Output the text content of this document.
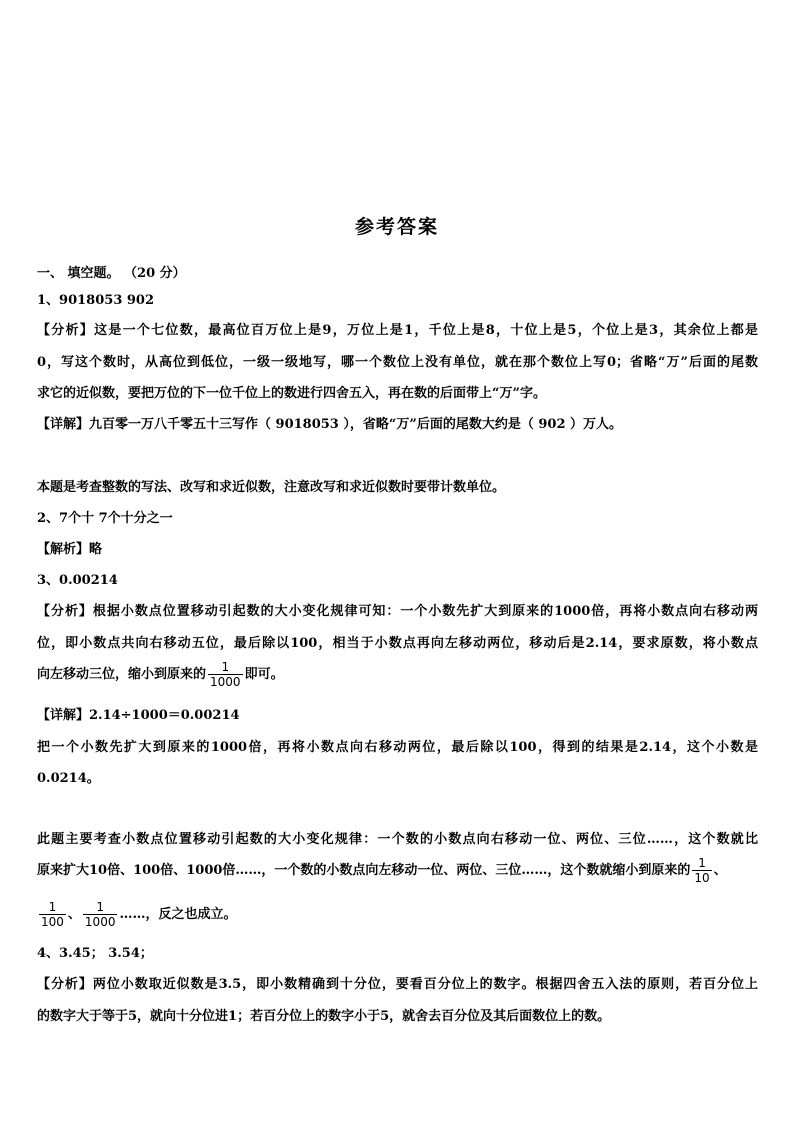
参考答案
一、 填空题。 （20 分）
1、9018053 902
【分析】这是一个七位数，最高位百万位上是9，万位上是1，千位上是8，十位上是5，个位上是3，其余位上都是
0，写这个数时，从高位到低位，一级一级地写，哪一个数位上没有单位，就在那个数位上写0；省略“万”后面的尾数
求它的近似数，要把万位的下一位千位上的数进行四舍五入，再在数的后面带上“万”字。
【详解】九百零一万八千零五十三写作（ 9018053 ），省略“万”后面的尾数大约是（ 902 ）万人。
本题是考查整数的写法、改写和求近似数，注意改写和求近似数时要带计数单位。
2、7个十 7个十分之一
【解析】略
3、0.00214
【分析】根据小数点位置移动引起数的大小变化规律可知：一个小数先扩大到原来的1000倍，再将小数点向右移动两
位，即小数点共向右移动五位，最后除以100，相当于小数点再向左移动两位，移动后是2.14，要求原数，将小数点
向左移动三位，缩小到原来的 $\frac{1}{1000}$ 即可。
【详解】2.14÷1000＝0.00214
把一个小数先扩大到原来的1000倍，再将小数点向右移动两位，最后除以100，得到的结果是2.14，这个小数是
0.0214。
此题主要考查小数点位置移动引起数的大小变化规律：一个数的小数点向右移动一位、两位、三位……，这个数就比
原来扩大10倍、100倍、1000倍……，一个数的小数点向左移动一位、两位、三位……，这个数就缩小到原来的 $\frac{1}{10}$ 、
$\frac{1}{100}$ 、 $\frac{1}{1000}$ ……，反之也成立。
4、3.45； 3.54；
【分析】两位小数取近似数是3.5，即小数精确到十分位，要看百分位上的数字。根据四舍五入法的原则，若百分位上
的数字大于等于5，就向十分位进1；若百分位上的数字小于5，就舍去百分位及其后面数位上的数。
